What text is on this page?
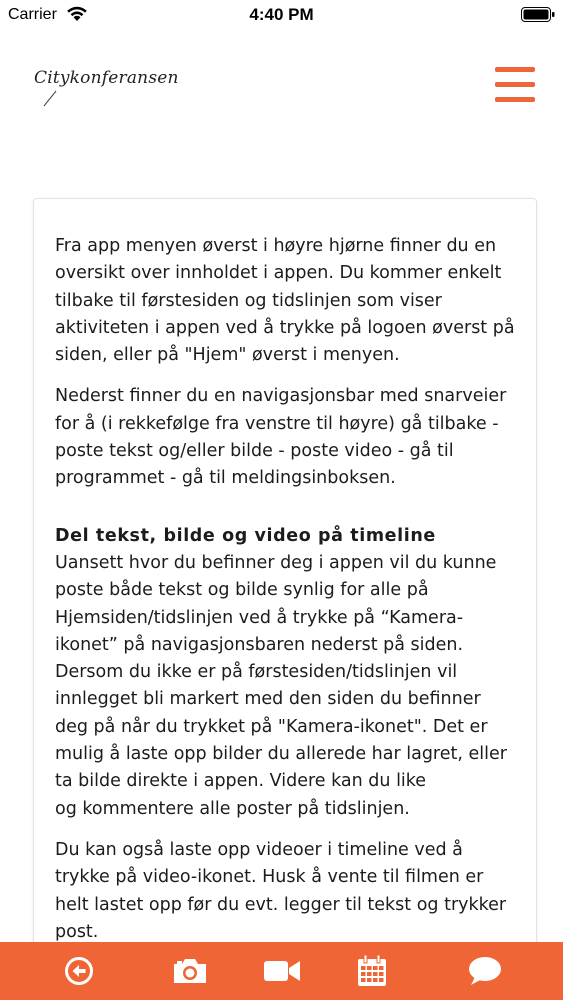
Carrier	4:40 PM
Citykonferansen

Fra app menyen øverst i høyre hjørne finner du en
oversikt over innholdet i appen. Du kommer enkelt
tilbake til førstesiden og tidslinjen som viser
aktiviteten i appen ved å trykke på logoen øverst på
siden, eller på "Hjem" øverst i menyen.

Nederst finner du en navigasjonsbar med snarveier
for å (i rekkefølge fra venstre til høyre) gå tilbake -
poste tekst og/eller bilde - poste video - gå til
programmet - gå til meldingsinboksen.

Del tekst, bilde og video på timeline

Uansett hvor du befinner deg i appen vil du kunne
poste både tekst og bilde synlig for alle på
Hjemsiden/tidslinjen ved å trykke på “Kamera-
ikonet” på navigasjonsbaren nederst på siden.
Dersom du ikke er på førstesiden/tidslinjen vil
innlegget bli markert med den siden du befinner
deg på når du trykket på "Kamera-ikonet". Det er
mulig å laste opp bilder du allerede har lagret, eller
ta bilde direkte i appen. Videre kan du like
og kommentere alle poster på tidslinjen.

Du kan også laste opp videoer i timeline ved å
trykke på video-ikonet. Husk å vente til filmen er
helt lastet opp før du evt. legger til tekst og trykker
post.
